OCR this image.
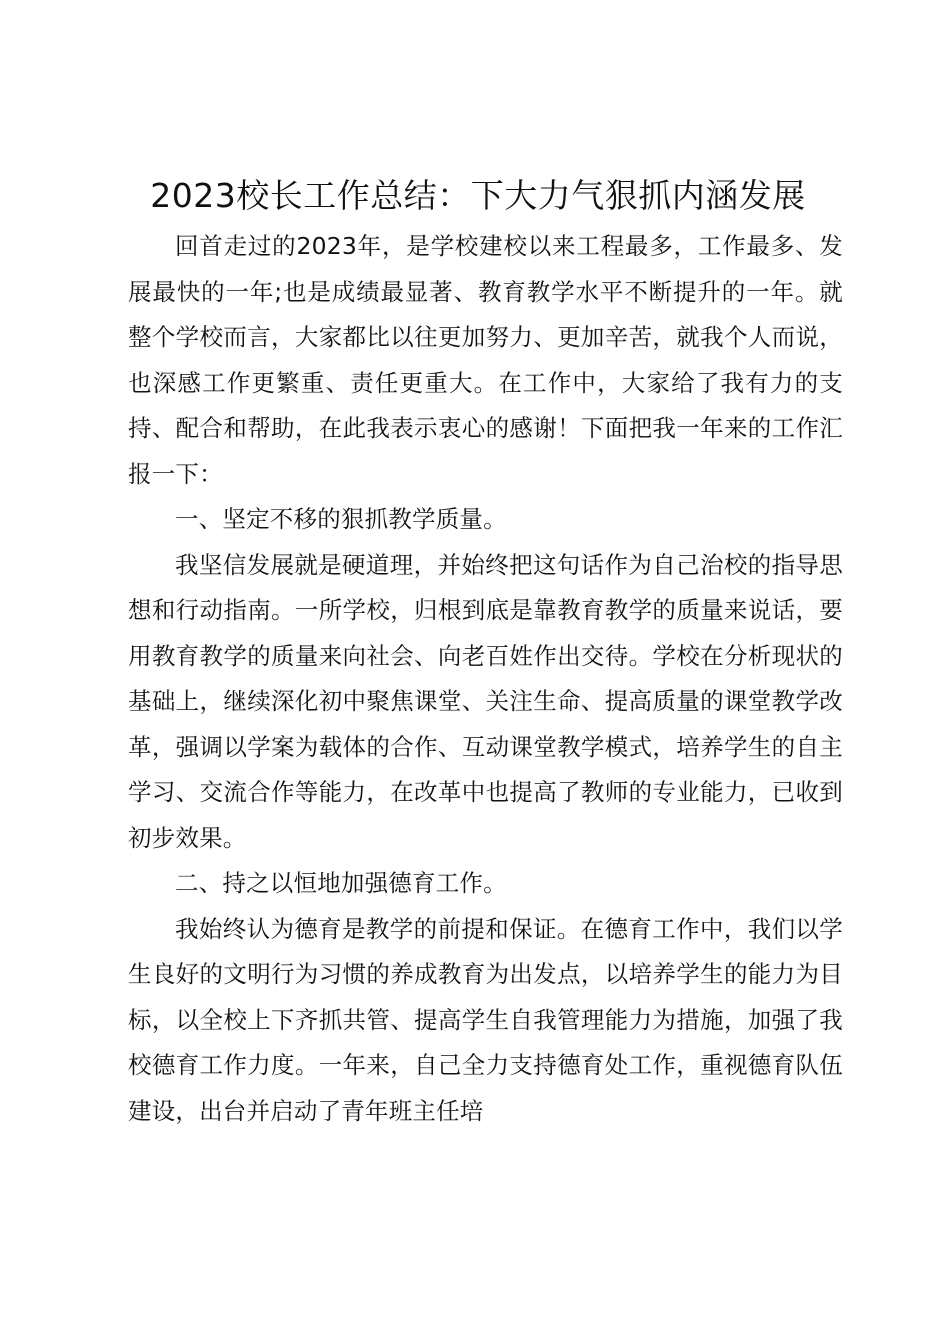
2023校长工作总结：下大力气狠抓内涵发展

回首走过的2023年，是学校建校以来工程最多，工作最多、发展最快的一年;也是成绩最显著、教育教学水平不断提升的一年。就整个学校而言，大家都比以往更加努力、更加辛苦，就我个人而说，也深感工作更繁重、责任更重大。在工作中，大家给了我有力的支持、配合和帮助，在此我表示衷心的感谢！下面把我一年来的工作汇报一下：

一、坚定不移的狠抓教学质量。

我坚信发展就是硬道理，并始终把这句话作为自己治校的指导思想和行动指南。一所学校，归根到底是靠教育教学的质量来说话，要用教育教学的质量来向社会、向老百姓作出交待。学校在分析现状的基础上，继续深化初中聚焦课堂、关注生命、提高质量的课堂教学改革，强调以学案为载体的合作、互动课堂教学模式，培养学生的自主学习、交流合作等能力，在改革中也提高了教师的专业能力，已收到初步效果。

二、持之以恒地加强德育工作。

我始终认为德育是教学的前提和保证。在德育工作中，我们以学生良好的文明行为习惯的养成教育为出发点，以培养学生的能力为目标，以全校上下齐抓共管、提高学生自我管理能力为措施，加强了我校德育工作力度。一年来，自己全力支持德育处工作，重视德育队伍建设，出台并启动了青年班主任培
